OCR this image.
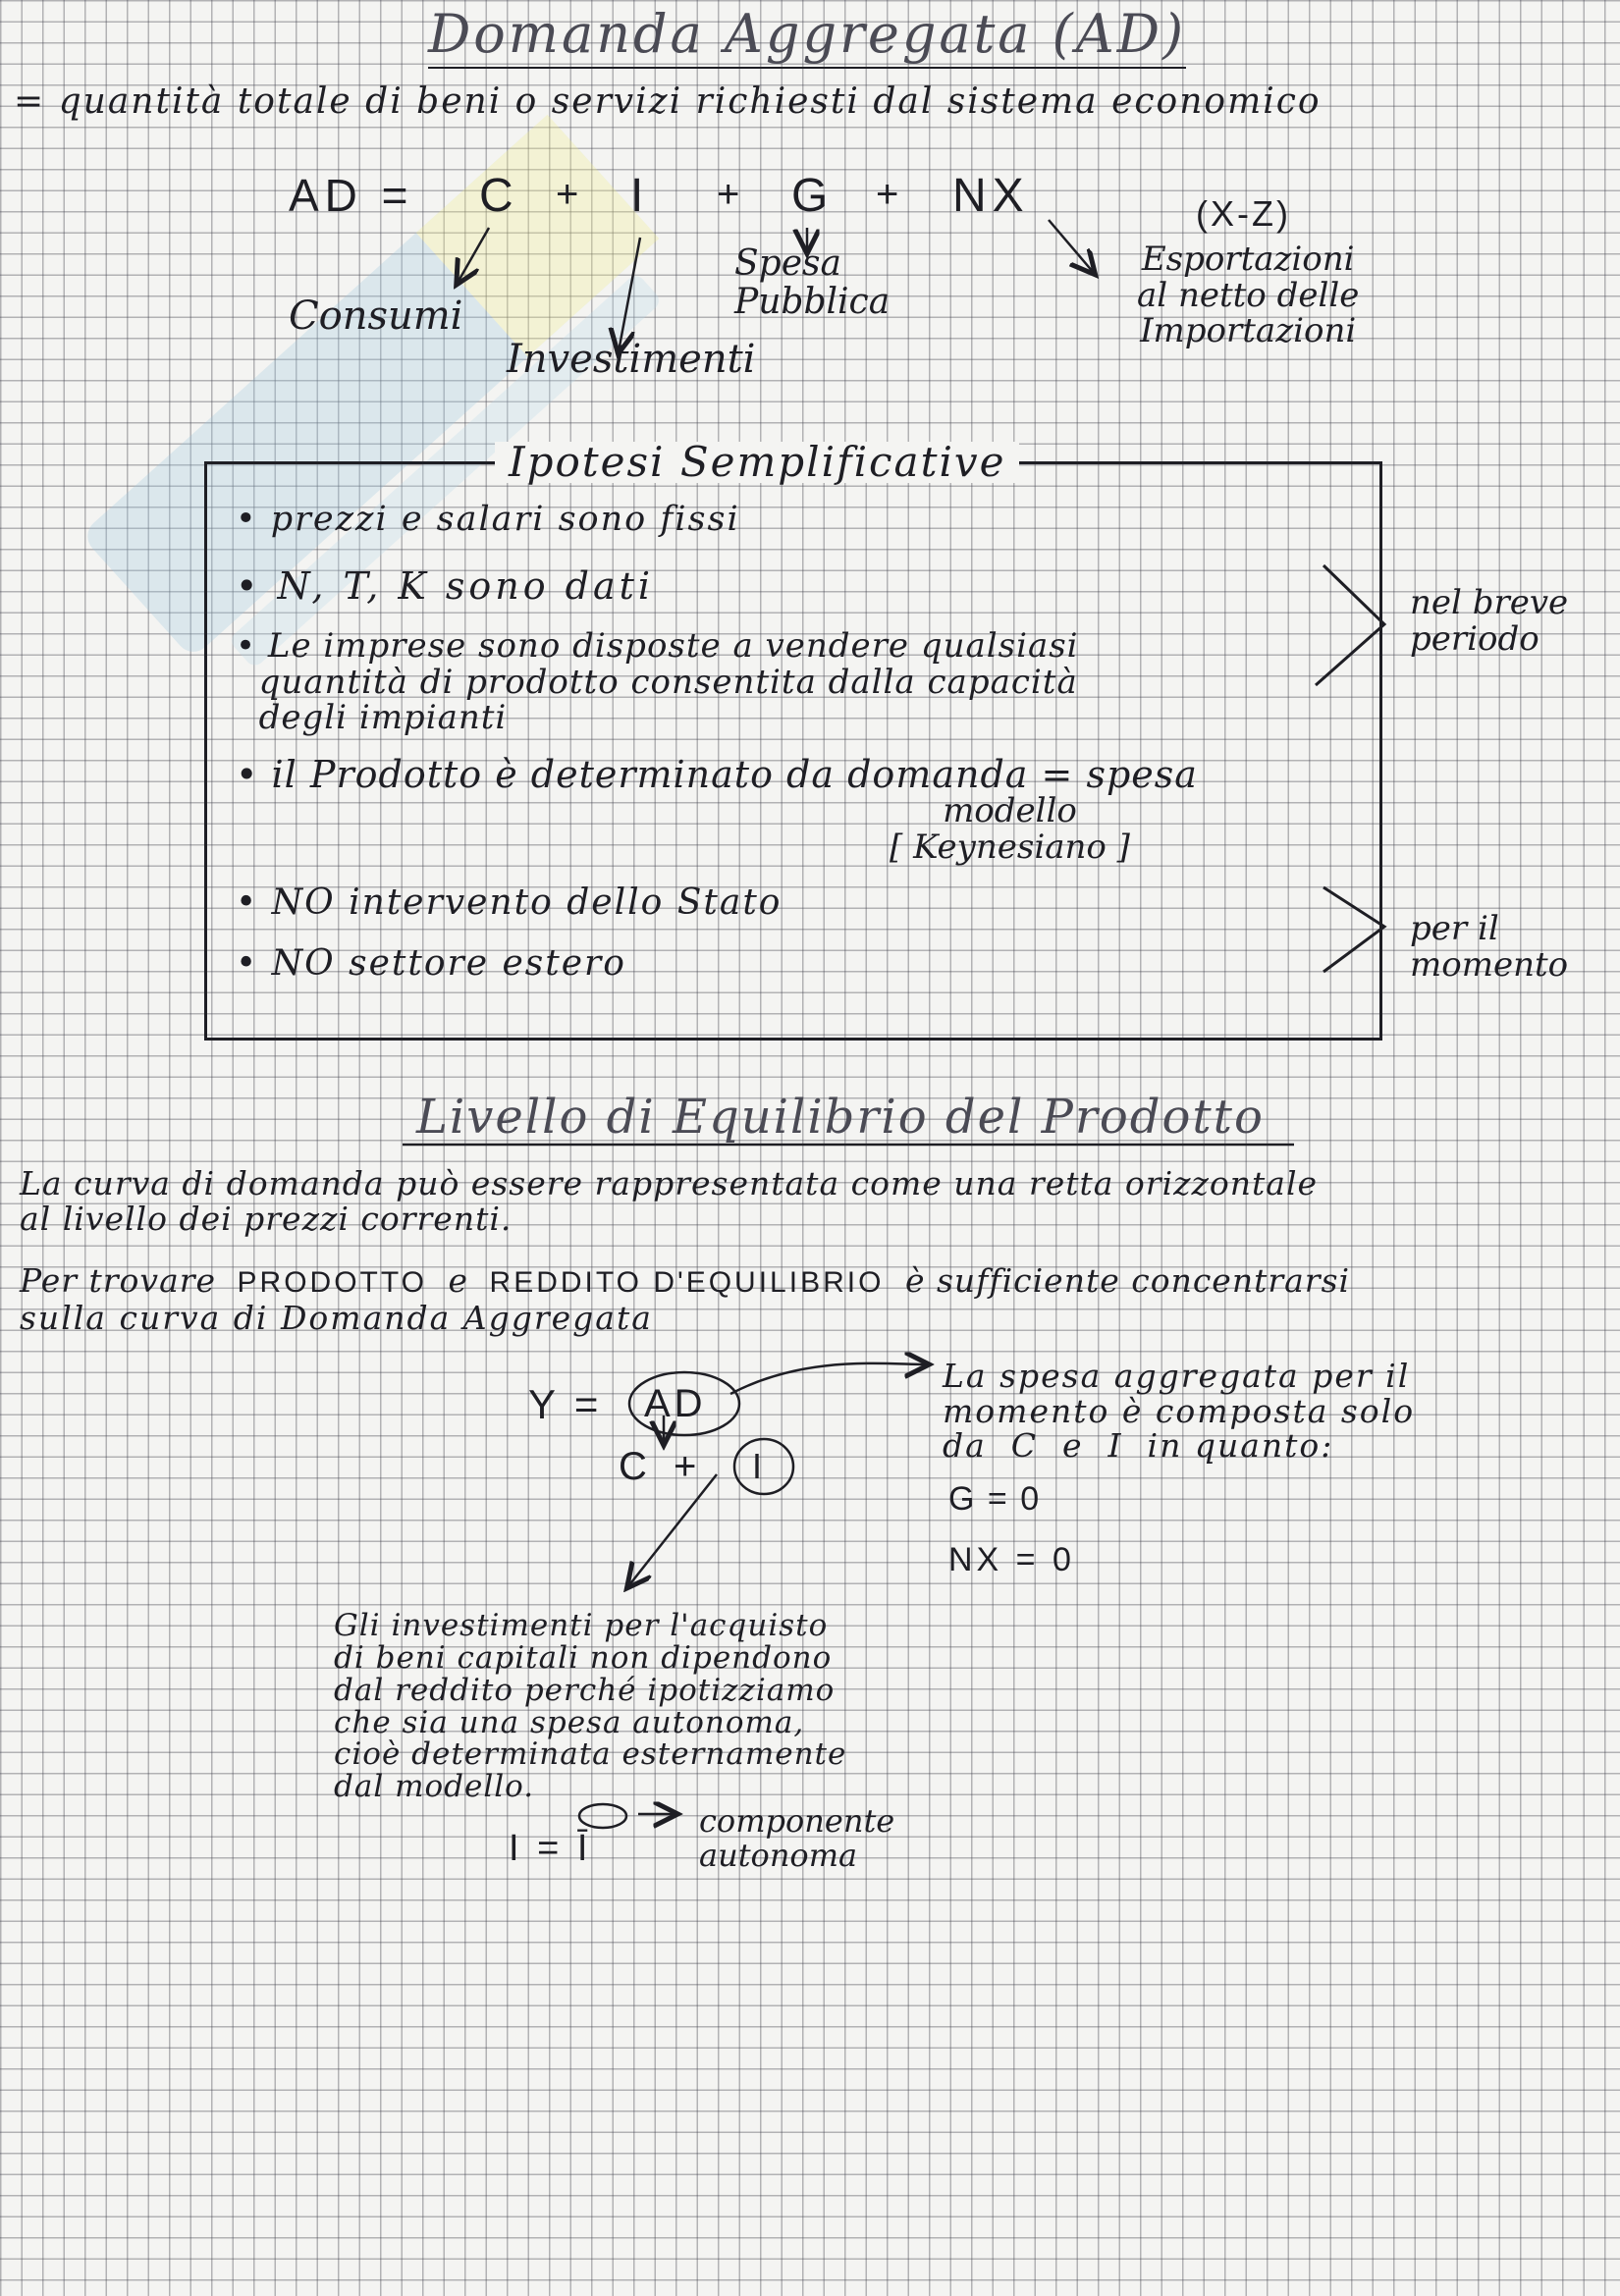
Domanda Aggregata (AD)
= quantità totale di beni o servizi richiesti dal sistema economico
AD = C + I + G + NX	(X-Z)
Consumi
Investimenti
Spesa
Pubblica
Esportazioni
al netto delle
Importazioni
Ipotesi Semplificative
• prezzi e salari sono fissi
• N, T, K sono dati
• Le imprese sono disposte a vendere qualsiasi
quantità di prodotto consentita dalla capacità
degli impianti
• il Prodotto è determinato da domanda = spesa
modello
[ Keynesiano ]
• NO intervento dello Stato
• NO settore estero
nel breve
periodo
per il
momento
Livello di Equilibrio del Prodotto
La curva di domanda può essere rappresentata come una retta orizzontale
al livello dei prezzi correnti.
Per trovare PRODOTTO e REDDITO D'EQUILIBRIO è sufficiente concentrarsi
sulla curva di Domanda Aggregata
Y = AD
C + I
La spesa aggregata per il
momento è composta solo
da  C  e  I  in quanto:
G = 0
NX = 0
Gli investimenti per l'acquisto
di beni capitali non dipendono
dal reddito perché ipotizziamo
che sia una spesa autonoma,
cioè determinata esternamente
dal modello.
I = Ī
componente
autonoma
